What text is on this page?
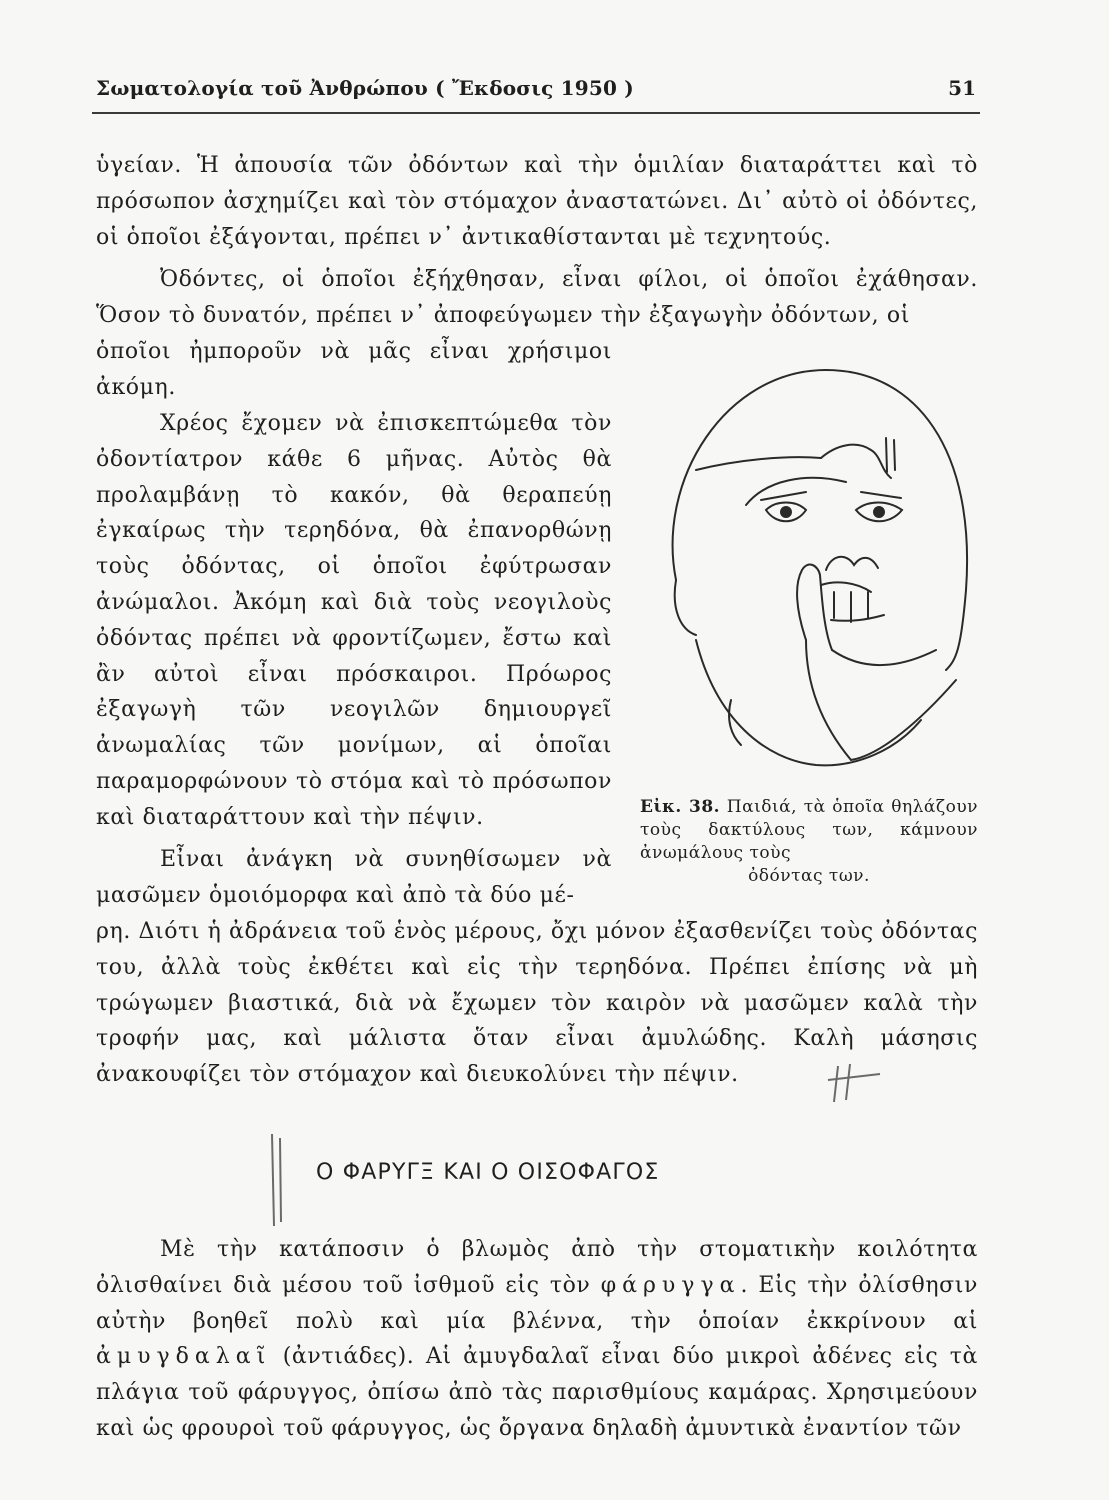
Σωματολογία τοῦ Ἀνθρώπου ( Ἔκδοσις 1950 )	51

ὑγείαν. Ἡ ἀπουσία τῶν ὀδόντων καὶ τὴν ὁμιλίαν διαταράττει καὶ τὸ πρόσωπον ἀσχημίζει καὶ τὸν στόμαχον ἀναστατώνει. Δι᾽ αὐτὸ οἱ ὀδόντες, οἱ ὁποῖοι ἐξάγονται, πρέπει ν᾽ ἀντικαθίστανται μὲ τεχνητούς.

Ὀδόντες, οἱ ὁποῖοι ἐξήχθησαν, εἶναι φίλοι, οἱ ὁποῖοι ἐχάθησαν. Ὅσον τὸ δυνατόν, πρέπει ν᾽ ἀποφεύγωμεν τὴν ἐξαγωγὴν ὀδόντων, οἱ

ὁποῖοι ἠμποροῦν νὰ μᾶς εἶναι χρήσιμοι ἀκόμη.

Χρέος ἔχομεν νὰ ἐπισκεπτώμεθα τὸν ὀδοντίατρον κάθε 6 μῆνας. Αὐτὸς θὰ προλαμβάνῃ τὸ κακόν, θὰ θεραπεύῃ ἐγκαίρως τὴν τερηδόνα, θὰ ἐπανορθώνῃ τοὺς ὀδόντας, οἱ ὁποῖοι ἐφύτρωσαν ἀνώμαλοι. Ἀκόμη καὶ διὰ τοὺς νεογιλοὺς ὀδόντας πρέπει νὰ φροντίζωμεν, ἔστω καὶ ἂν αὐτοὶ εἶναι πρόσκαιροι. Πρόωρος ἐξαγωγὴ τῶν νεογιλῶν δημιουργεῖ ἀνωμαλίας τῶν μονίμων, αἱ ὁποῖαι παραμορφώνουν τὸ στόμα καὶ τὸ πρόσωπον καὶ διαταράττουν καὶ τὴν πέψιν.

Εἶναι ἀνάγκη νὰ συνηθίσωμεν νὰ μασῶμεν ὁμοιόμορφα καὶ ἀπὸ τὰ δύο μέ-

ρη. Διότι ἡ ἀδράνεια τοῦ ἑνὸς μέρους, ὄχι μόνον ἐξασθενίζει τοὺς ὀδόντας του, ἀλλὰ τοὺς ἐκθέτει καὶ εἰς τὴν τερηδόνα. Πρέπει ἐπίσης νὰ μὴ τρώγωμεν βιαστικά, διὰ νὰ ἔχωμεν τὸν καιρὸν νὰ μασῶμεν καλὰ τὴν τροφήν μας, καὶ μάλιστα ὅταν εἶναι ἀμυλώδης. Καλὴ μάσησις ἀνακουφίζει τὸν στόμαχον καὶ διευκολύνει τὴν πέψιν.

Εἰκ. 38. Παιδιά, τὰ ὁποῖα θηλάζουν τοὺς δακτύλους των, κάμνουν ἀνωμάλους τοὺς
ὀδόντας των.
Ο ΦΑΡΥΓΞ ΚΑΙ Ο ΟΙΣΟΦΑΓΟΣ

Μὲ τὴν κατάποσιν ὁ βλωμὸς ἀπὸ τὴν στοματικὴν κοιλότητα ὀλισθαίνει διὰ μέσου τοῦ ἰσθμοῦ εἰς τὸν φάρυγγα. Εἰς τὴν ὀλίσθησιν αὐτὴν βοηθεῖ πολὺ καὶ μία βλέννα, τὴν ὁποίαν ἐκκρίνουν αἱ ἀμυγδαλαῖ (ἀντιάδες). Αἱ ἀμυγδαλαῖ εἶναι δύο μικροὶ ἀδένες εἰς τὰ πλάγια τοῦ φάρυγγος, ὀπίσω ἀπὸ τὰς παρισθμίους καμάρας. Χρησιμεύουν καὶ ὡς φρουροὶ τοῦ φάρυγγος, ὡς ὄργανα δηλαδὴ ἀμυντικὰ ἐναντίον τῶν
